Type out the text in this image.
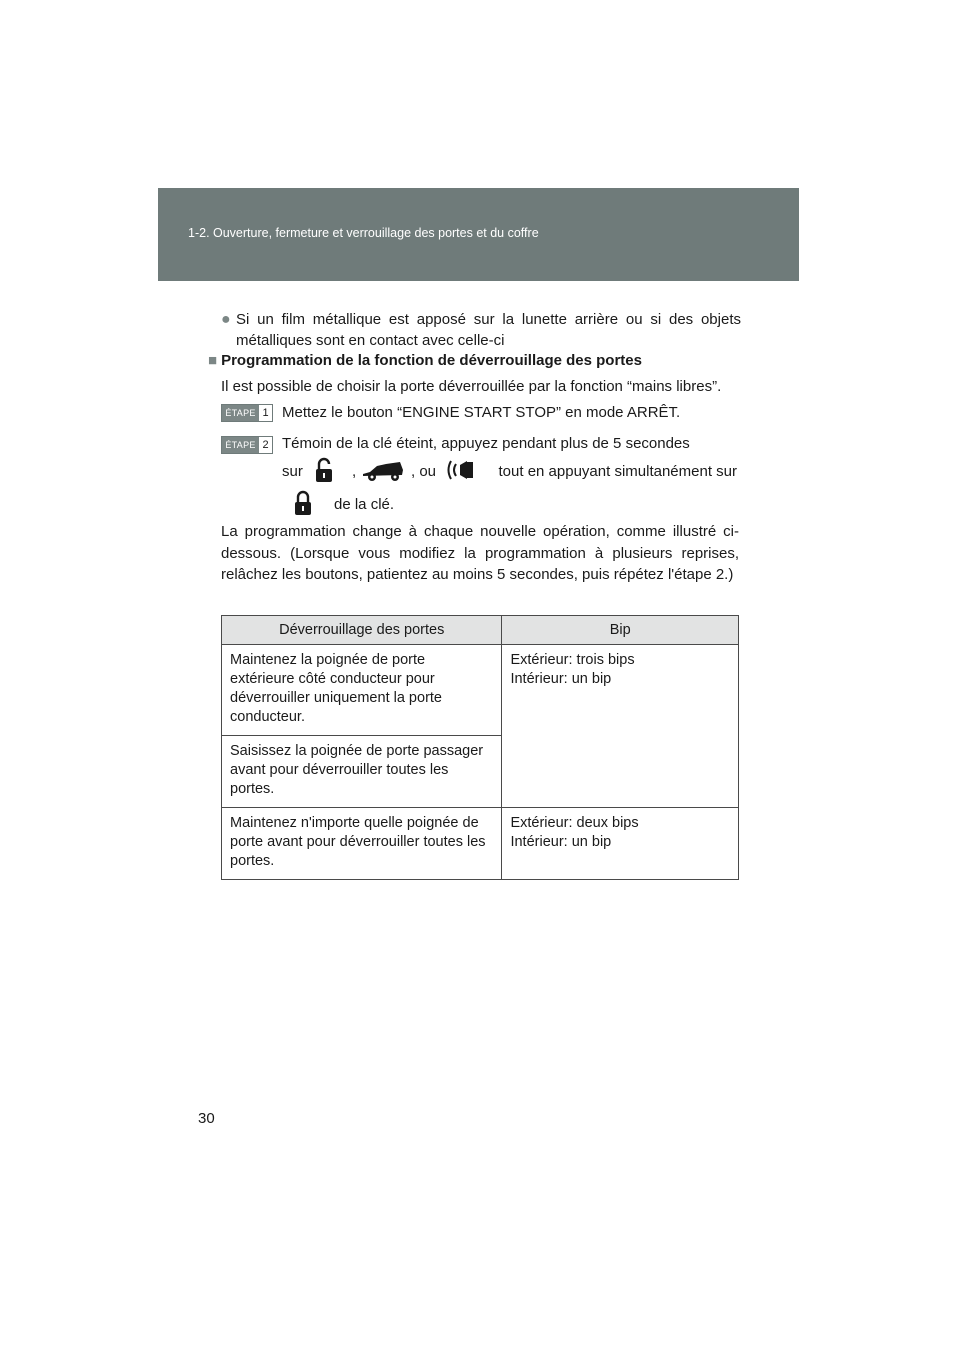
1-2. Ouverture, fermeture et verrouillage des portes et du coffre
● Si un film métallique est apposé sur la lunette arrière ou si des objets métalliques sont en contact avec celle-ci
■ Programmation de la fonction de déverrouillage des portes
Il est possible de choisir la porte déverrouillée par la fonction “mains libres”.
ÉTAPE 1 Mettez le bouton “ENGINE START STOP” en mode ARRÊT.
ÉTAPE 2 Témoin de la clé éteint, appuyez pendant plus de 5 secondes
sur	,	, ou	tout en appuyant simultanément sur
de la clé.
La programmation change à chaque nouvelle opération, comme illustré ci-dessous. (Lorsque vous modifiez la programmation à plusieurs reprises, relâchez les boutons, patientez au moins 5 secondes, puis répétez l'étape 2.)
Déverrouillage des portes	Bip
Maintenez la poignée de porte extérieure côté conducteur pour déverrouiller uniquement la porte conducteur.	Extérieur: trois bips
Intérieur: un bip

Saisissez la poignée de porte passager avant pour déverrouiller toutes les portes.	
Maintenez n'importe quelle poignée de porte avant pour déverrouiller toutes les portes.	Extérieur: deux bips
Intérieur: un bip
30
